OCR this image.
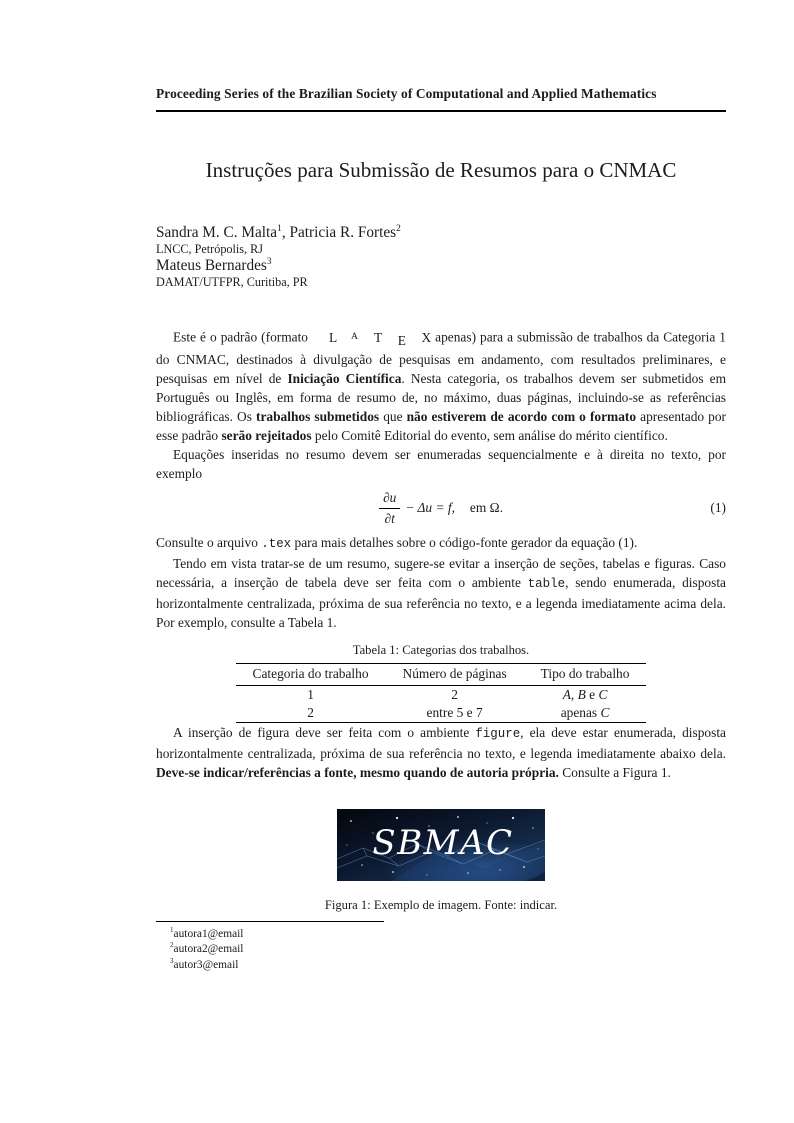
Proceeding Series of the Brazilian Society of Computational and Applied Mathematics
Instruções para Submissão de Resumos para o CNMAC
Sandra M. C. Malta$^1$, Patricia R. Fortes$^2$
LNCC, Petrópolis, RJ
Mateus Bernardes$^3$
DAMAT/UTFPR, Curitiba, PR

Este é o padrão (formato L A T E X apenas) para a submissão de trabalhos da Categoria 1 do CNMAC, destinados à divulgação de pesquisas em andamento, com resultados preliminares, e pesquisas em nível de Iniciação Científica. Nesta categoria, os trabalhos devem ser submetidos em Português ou Inglês, em forma de resumo de, no máximo, duas páginas, incluindo-se as referências bibliográficas. Os trabalhos submetidos que não estiverem de acordo com o formato apresentado por esse padrão serão rejeitados pelo Comitê Editorial do evento, sem análise do mérito científico.

Equações inseridas no resumo devem ser enumeradas sequencialmente e à direita no texto, por exemplo

$\frac{\partial u}{\partial t} - \Delta u = f$, em Ω.	(1)

Consulte o arquivo .tex para mais detalhes sobre o código-fonte gerador da equação (1).

Tendo em vista tratar-se de um resumo, sugere-se evitar a inserção de seções, tabelas e figuras. Caso necessária, a inserção de tabela deve ser feita com o ambiente table, sendo enumerada, disposta horizontalmente centralizada, próxima de sua referência no texto, e a legenda imediatamente acima dela. Por exemplo, consulte a Tabela 1.

Tabela 1: Categorias dos trabalhos.
Categoria do trabalho	Número de páginas	Tipo do trabalho
1	2	A, B e C
2	entre 5 e 7	apenas C

A inserção de figura deve ser feita com o ambiente figure, ela deve estar enumerada, disposta horizontalmente centralizada, próxima de sua referência no texto, e legenda imediatamente abaixo dela. Deve-se indicar/referências a fonte, mesmo quando de autoria própria. Consulte a Figura 1.

SBMAC
Figura 1: Exemplo de imagem. Fonte: indicar.
$^1$autora1@email
$^2$autora2@email
$^3$autor3@email
